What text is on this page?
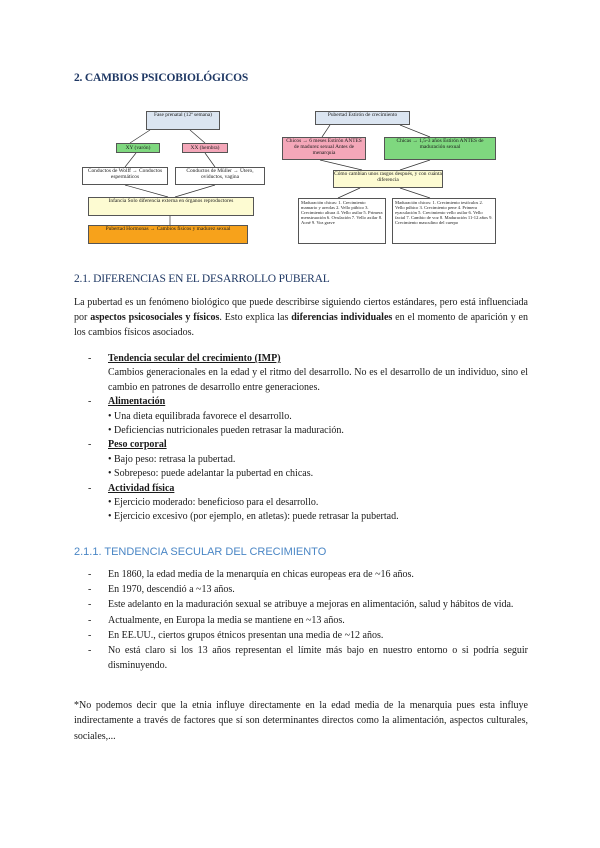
2. CAMBIOS PSICOBIOLÓGICOS
Fase prenatal (12ª semana)
XY (varón)	XX (hembra)
Conductos de Wolff → Conductos espermáticos
Conductos de Müller → Útero, oviductos, vagina
Infancia Solo diferencia externa en órganos reproductores
Pubertad Hormonas → Cambios físicos y madurez sexual
Pubertad Estirón de crecimiento
Chicos → 6 meses Estirón ANTES de madurez sexual Antes de menarquia
Chicas → 1,5-3 años Estirón ANTES de maduración sexual
Cómo cambian unos rasgos después, y con cuánta diferencia
Maduración chicas: 1. Crecimiento mamario y areolas 2. Vello púbico 3. Crecimiento altura 4. Vello axilar 5. Primera menstruación 6. Ovulación 7. Vello axilar 8. Acné 9. Voz grave
Maduración chicos: 1. Crecimiento testículos 2. Vello púbico 3. Crecimiento pene 4. Primera eyaculación 5. Crecimiento vello axilar 6. Vello facial 7. Cambio de voz 8. Maduración 11-12 años 9. Crecimiento masculino del cuerpo
2.1. DIFERENCIAS EN EL DESARROLLO PUBERAL
La pubertad es un fenómeno biológico que puede describirse siguiendo ciertos estándares, pero está influenciada por aspectos psicosociales y físicos. Esto explica las diferencias individuales en el momento de aparición y en los cambios físicos asociados.
- Tendencia secular del crecimiento (IMP)
Cambios generacionales en la edad y el ritmo del desarrollo. No es el desarrollo de un individuo, sino el cambio en patrones de desarrollo entre generaciones.
- Alimentación
• Una dieta equilibrada favorece el desarrollo.
• Deficiencias nutricionales pueden retrasar la maduración.
- Peso corporal
• Bajo peso: retrasa la pubertad.
• Sobrepeso: puede adelantar la pubertad en chicas.
- Actividad física
• Ejercicio moderado: beneficioso para el desarrollo.
• Ejercicio excesivo (por ejemplo, en atletas): puede retrasar la pubertad.
2.1.1. TENDENCIA SECULAR DEL CRECIMIENTO
- En 1860, la edad media de la menarquía en chicas europeas era de ~16 años.
- En 1970, descendió a ~13 años.
- Este adelanto en la maduración sexual se atribuye a mejoras en alimentación, salud y hábitos de vida.
- Actualmente, en Europa la media se mantiene en ~13 años.
- En EE.UU., ciertos grupos étnicos presentan una media de ~12 años.
- No está claro si los 13 años representan el límite más bajo en nuestro entorno o si podría seguir disminuyendo.
*No podemos decir que la etnia influye directamente en la edad media de la menarquia pues esta influye indirectamente a través de factores que sí son determinantes directos como la alimentación, aspectos culturales, sociales,...
